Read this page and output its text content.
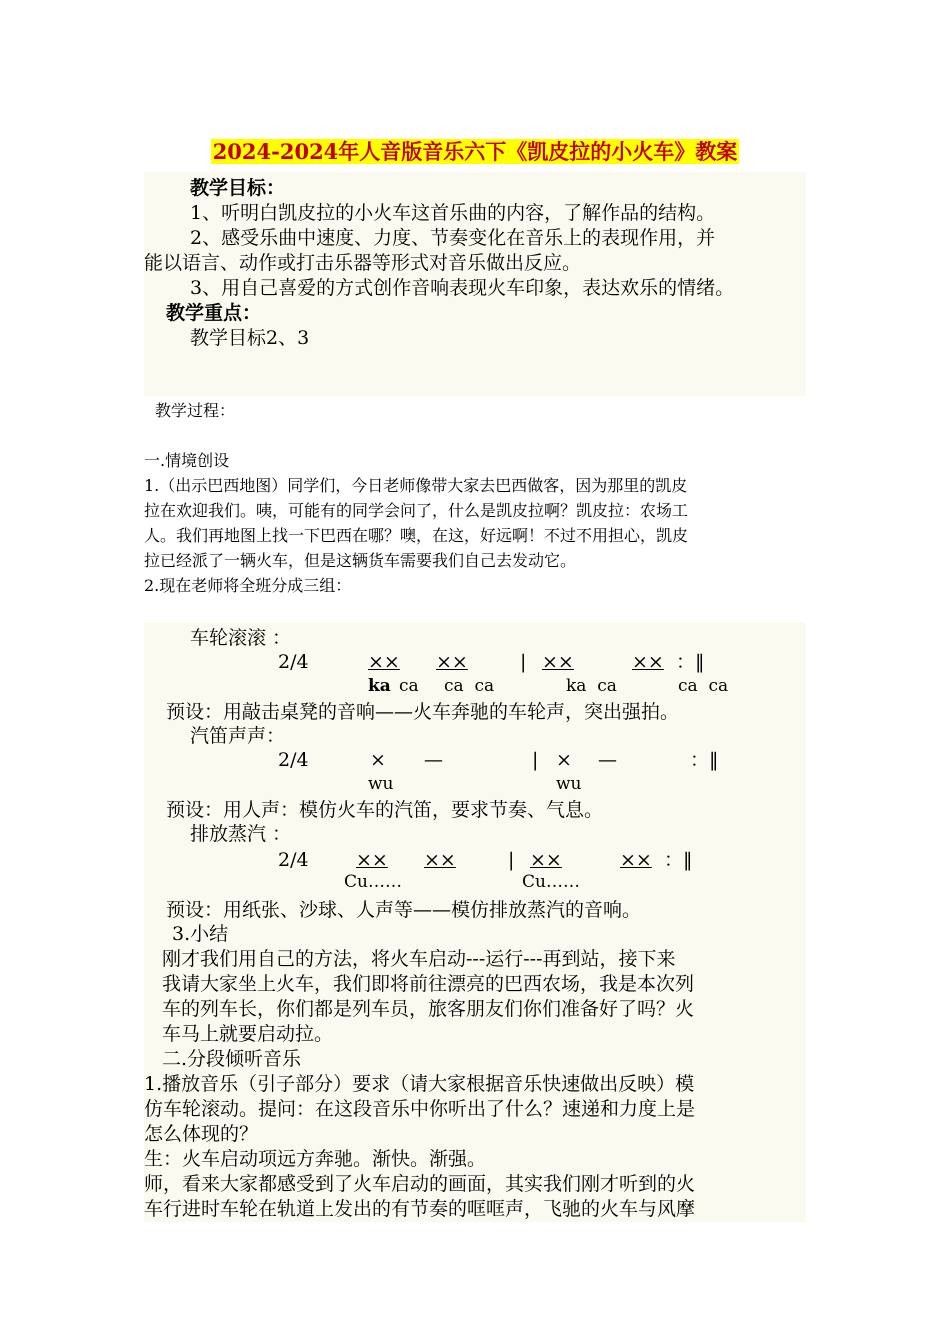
2024-2024年人音版音乐六下《凯皮拉的小火车》教案
教学目标：
1、听明白凯皮拉的小火车这首乐曲的内容，了解作品的结构。
2、感受乐曲中速度、力度、节奏变化在音乐上的表现作用，并
能以语言、动作或打击乐器等形式对音乐做出反应。
3、用自己喜爱的方式创作音响表现火车印象，表达欢乐的情绪。
教学重点：
教学目标2、3
教学过程：
一.情境创设
1.（出示巴西地图）同学们，今日老师像带大家去巴西做客，因为那里的凯皮
拉在欢迎我们。咦，可能有的同学会问了，什么是凯皮拉啊？凯皮拉：农场工
人。我们再地图上找一下巴西在哪？噢，在这，好远啊！不过不用担心，凯皮
拉已经派了一辆火车，但是这辆货车需要我们自己去发动它。
2.现在老师将全班分成三组：
车轮滚滚 ：
2/4	×× ××	| ××	×× ：‖
ka ca ca  ca	ka  ca	ca  ca
预设：用敲击桌凳的音响——火车奔驰的车轮声，突出强拍。
汽笛声声：
2/4	× —	| × —	：‖
wu	wu
预设：用人声：模仿火车的汽笛，要求节奏、气息。
排放蒸汽 ：
2/4 ×× ××	| ××	×× ：‖
Cu……	Cu……
预设：用纸张、沙球、人声等——模仿排放蒸汽的音响。
3.小结
刚才我们用自己的方法，将火车启动---运行---再到站，接下来
我请大家坐上火车，我们即将前往漂亮的巴西农场，我是本次列
车的列车长，你们都是列车员，旅客朋友们你们准备好了吗？火
车马上就要启动拉。
二.分段倾听音乐
1.播放音乐（引子部分）要求（请大家根据音乐快速做出反映）模
仿车轮滚动。提问：在这段音乐中你听出了什么？速递和力度上是
怎么体现的？
生：火车启动项远方奔驰。渐快。渐强。
师，看来大家都感受到了火车启动的画面，其实我们刚才听到的火
车行进时车轮在轨道上发出的有节奏的哐哐声，飞驰的火车与风摩
